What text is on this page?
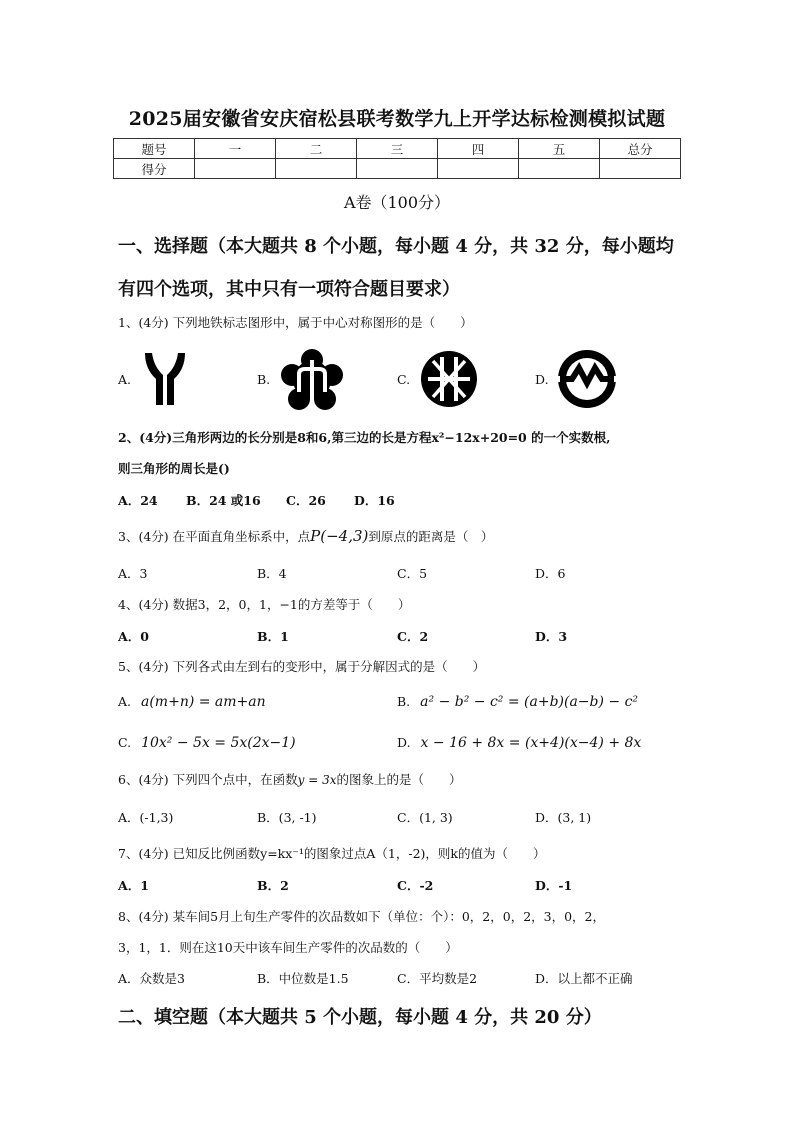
2025届安徽省安庆宿松县联考数学九上开学达标检测模拟试题
题号	一	二	三	四	五	总分
得分						
A卷（100分）
一、选择题（本大题共 8 个小题，每小题 4 分，共 32 分，每小题均
有四个选项，其中只有一项符合题目要求）
1、(4分) 下列地铁标志图形中，属于中心对称图形的是（　　）
A.	B.	C.	D.
2、(4分)三角形两边的长分别是8和6,第三边的长是方程x²−12x+20=0 的一个实数根,
则三角形的周长是()
A．24 B．24 或16 C．26 D．16
3、(4分) 在平面直角坐标系中，点P(−4,3)到原点的距离是（　）
A．3	B．4	C．5	D．6
4、(4分) 数据3，2，0，1，−1的方差等于（　　）
A．0	B．1	C．2	D．3
5、(4分) 下列各式由左到右的变形中，属于分解因式的是（　　）
A. a(m+n) = am+an	B. a² − b² − c² = (a+b)(a−b) − c²
C. 10x² − 5x = 5x(2x−1)	D. x − 16 + 8x = (x+4)(x−4) + 8x
6、(4分) 下列四个点中，在函数y = 3x的图象上的是（　　）
A．(-1,3)	B．(3, -1)	C．(1, 3)	D．(3, 1)
7、(4分) 已知反比例函数y=kx⁻¹的图象过点A（1，-2)，则k的值为（　　）
A．1	B．2	C．-2	D．-1
8、(4分) 某车间5月上旬生产零件的次品数如下（单位：个）：0，2，0，2，3，0，2，
3，1，1．则在这10天中该车间生产零件的次品数的（　　）
A．众数是3	B．中位数是1.5	C．平均数是2	D．以上都不正确
二、填空题（本大题共 5 个小题，每小题 4 分，共 20 分）
